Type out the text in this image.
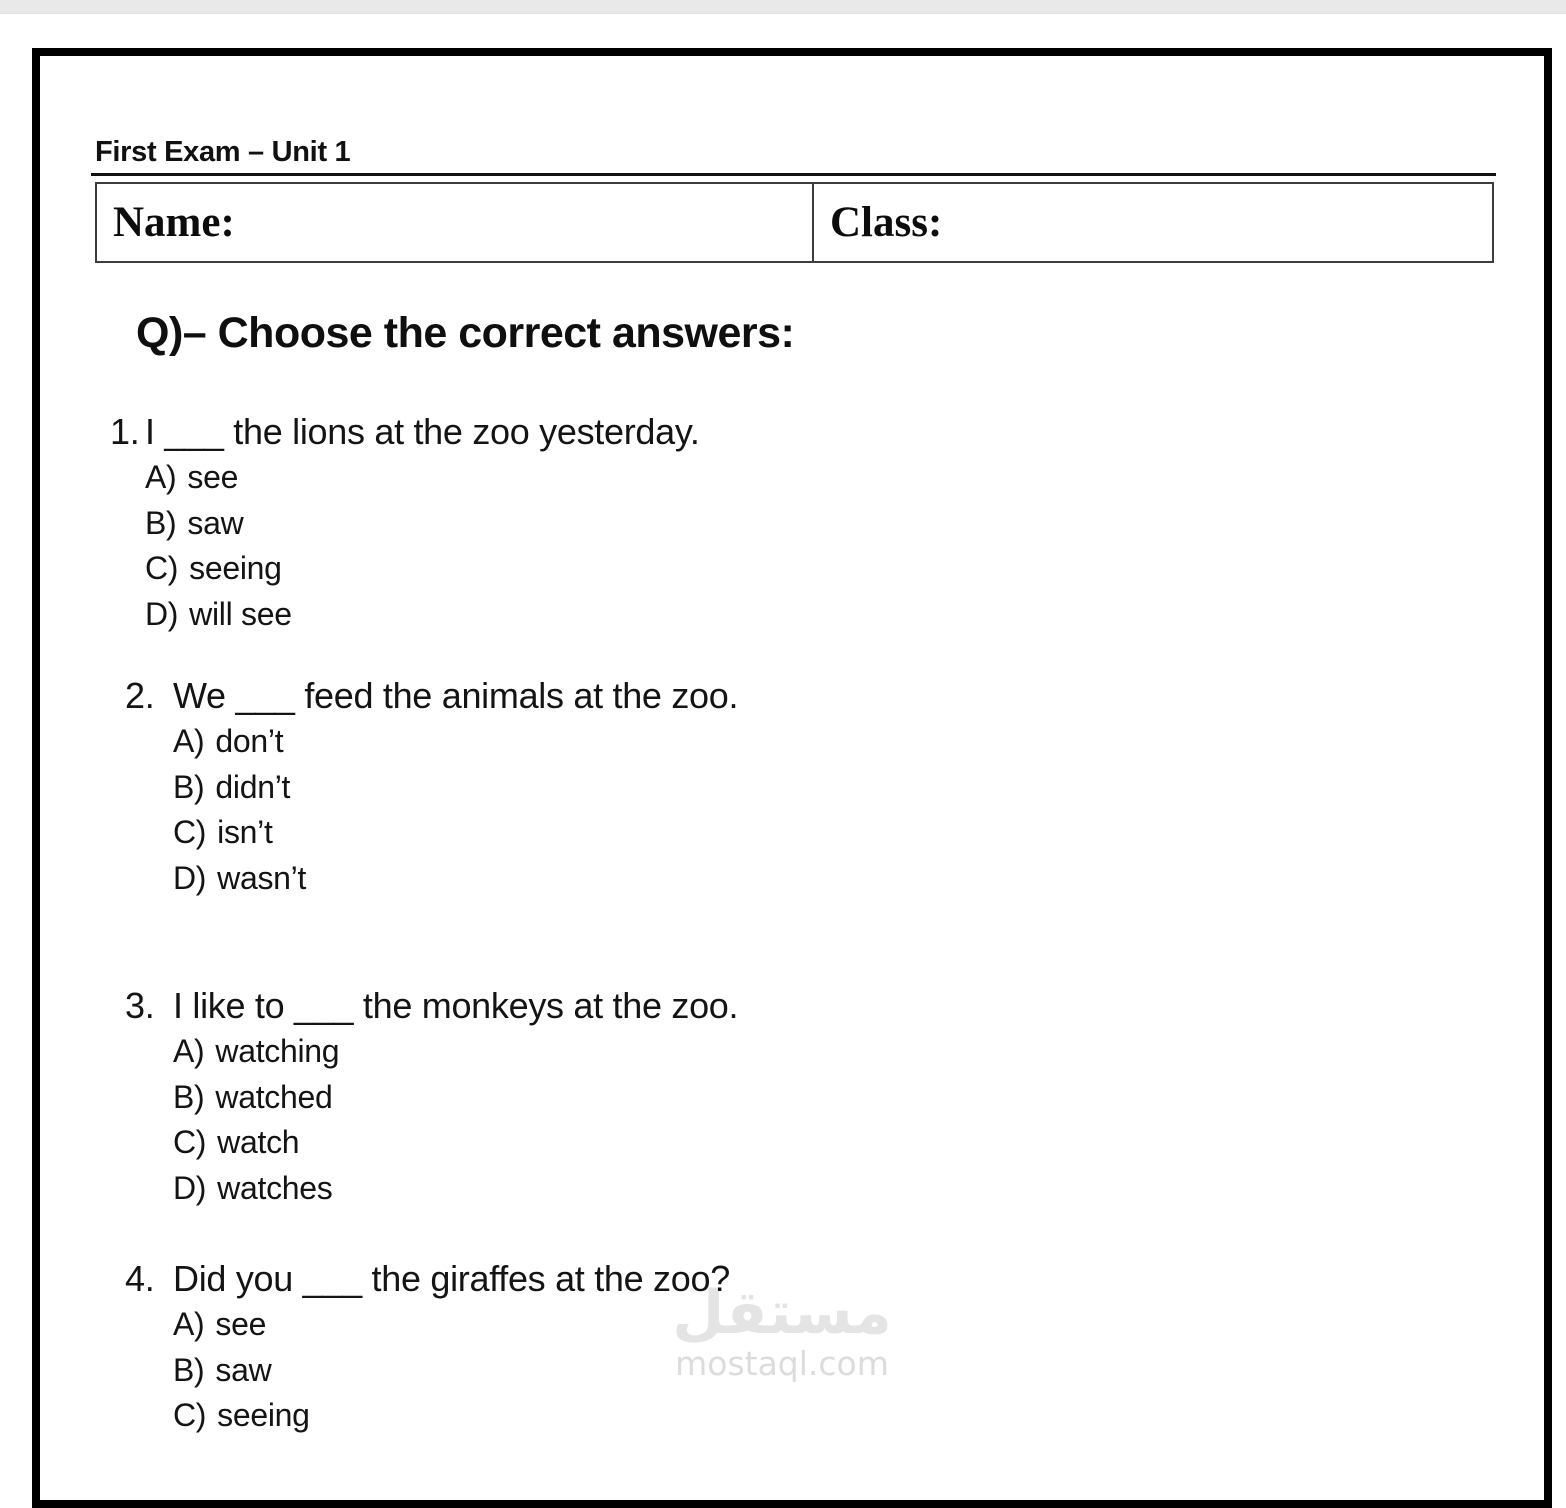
First Exam – Unit 1
Name:	Class:
Q)– Choose the correct answers:
1. I ___ the lions at the zoo yesterday.
A) see
B) saw
C) seeing
D) will see
2. We ___ feed the animals at the zoo.
A) don’t
B) didn’t
C) isn’t
D) wasn’t
3. I like to ___ the monkeys at the zoo.
A) watching
B) watched
C) watch
D) watches
4. Did you ___ the giraffes at the zoo?
A) see
B) saw
C) seeing
مستقل
mostaql.com
